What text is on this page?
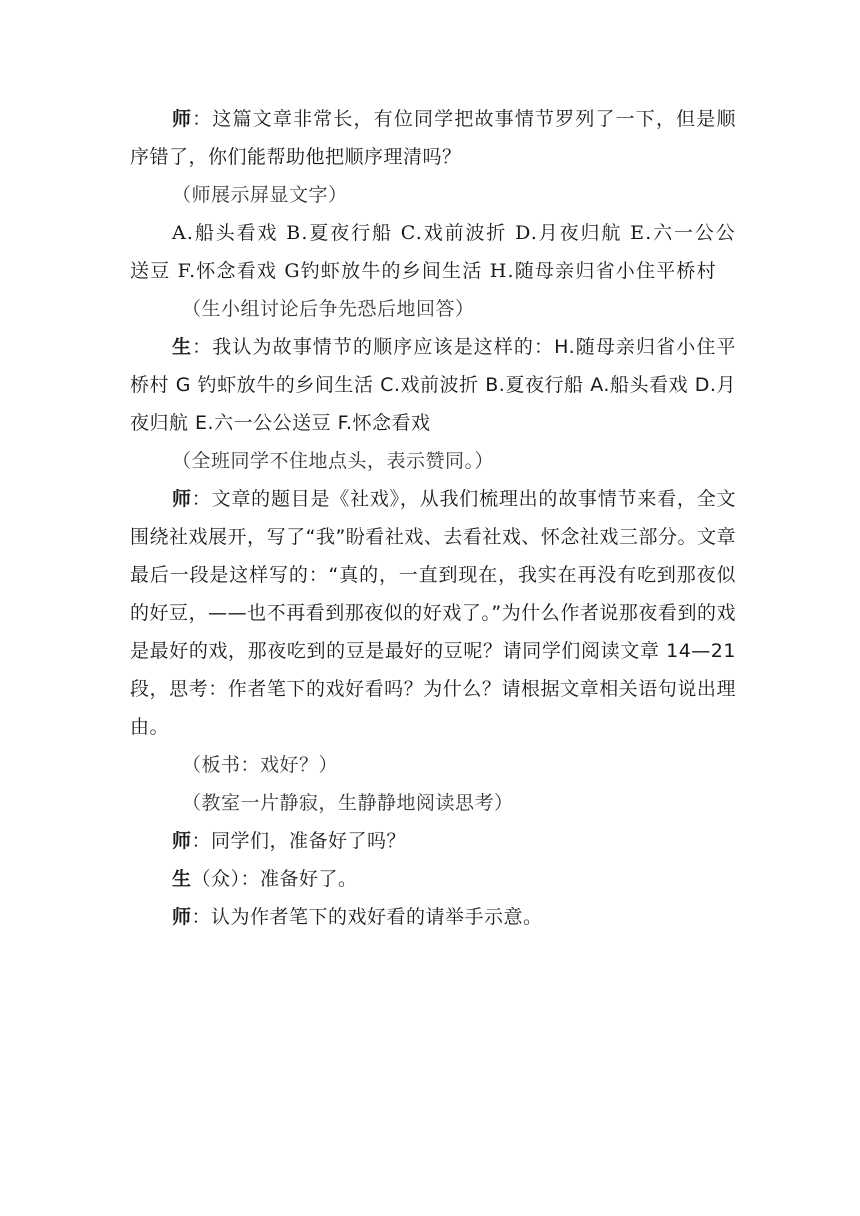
师：这篇文章非常长，有位同学把故事情节罗列了一下，但是顺序错了，你们能帮助他把顺序理清吗？

（师展示屏显文字）

A.船头看戏 B.夏夜行船 C.戏前波折 D.月夜归航 E.六一公公送豆 F.怀念看戏 G钓虾放牛的乡间生活 H.随母亲归省小住平桥村

（生小组讨论后争先恐后地回答）

生：我认为故事情节的顺序应该是这样的：H.随母亲归省小住平桥村 G 钓虾放牛的乡间生活 C.戏前波折 B.夏夜行船 A.船头看戏 D.月夜归航 E.六一公公送豆 F.怀念看戏

（全班同学不住地点头，表示赞同。）

师：文章的题目是《社戏》，从我们梳理出的故事情节来看，全文围绕社戏展开，写了“我”盼看社戏、去看社戏、怀念社戏三部分。文章最后一段是这样写的：“真的，一直到现在，我实在再没有吃到那夜似的好豆，——也不再看到那夜似的好戏了。”为什么作者说那夜看到的戏是最好的戏，那夜吃到的豆是最好的豆呢？请同学们阅读文章 14—21 段，思考：作者笔下的戏好看吗？为什么？请根据文章相关语句说出理由。

（板书：戏好？）

（教室一片静寂，生静静地阅读思考）

师：同学们，准备好了吗？

生（众）：准备好了。

师：认为作者笔下的戏好看的请举手示意。
